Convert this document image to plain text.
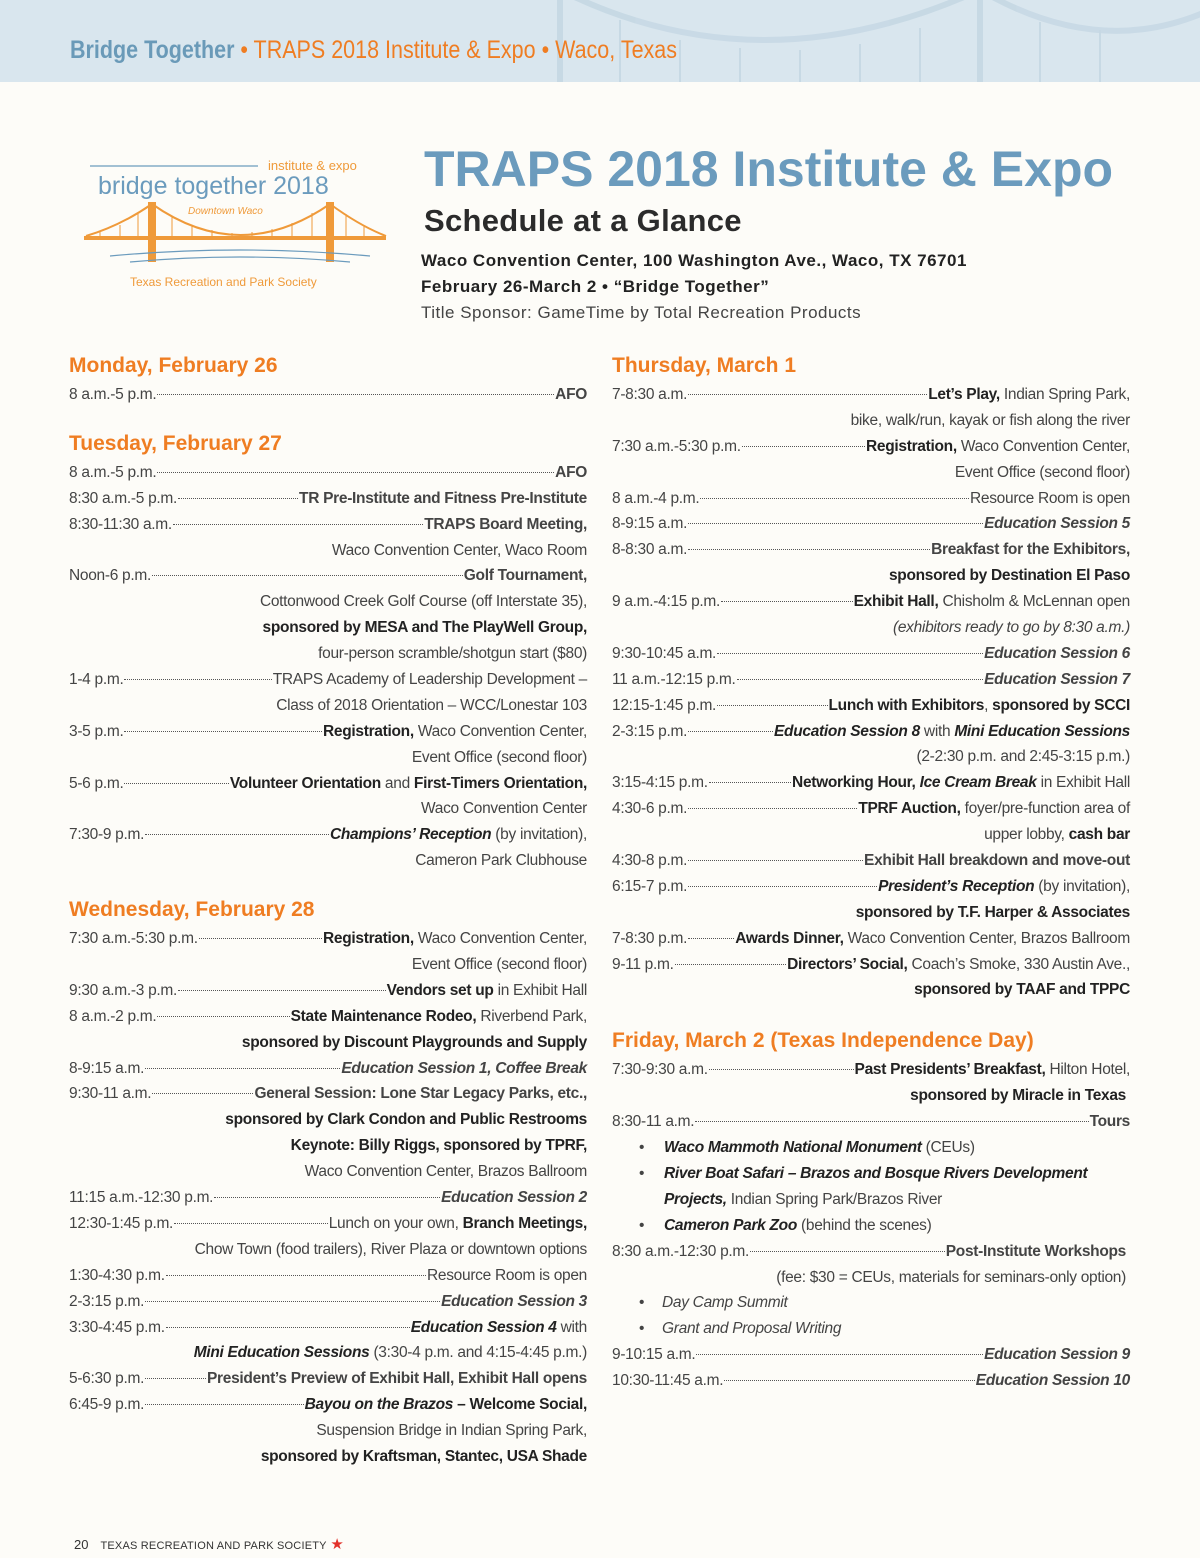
Bridge Together • TRAPS 2018 Institute & Expo • Waco, Texas
institute & expo
bridge together 2018
Downtown Waco
Texas Recreation and Park Society
TRAPS 2018 Institute & Expo
Schedule at a Glance
Waco Convention Center, 100 Washington Ave., Waco, TX 76701
February 26-March 2 • “Bridge Together”
Title Sponsor: GameTime by Total Recreation Products
Monday, February 26
8 a.m.-5 p.m.	AFO
Tuesday, February 27
8 a.m.-5 p.m.	AFO
8:30 a.m.-5 p.m.	TR Pre-Institute and Fitness Pre-Institute
8:30-11:30 a.m.	TRAPS Board Meeting,
Waco Convention Center, Waco Room
Noon-6 p.m.	Golf Tournament,
Cottonwood Creek Golf Course (off Interstate 35),
sponsored by MESA and The PlayWell Group,
four-person scramble/shotgun start ($80)
1-4 p.m.	TRAPS Academy of Leadership Development –
Class of 2018 Orientation – WCC/Lonestar 103
3-5 p.m.	Registration, Waco Convention Center,
Event Office (second floor)
5-6 p.m.	Volunteer Orientation and First-Timers Orientation,
Waco Convention Center
7:30-9 p.m.	Champions’ Reception (by invitation),
Cameron Park Clubhouse
Wednesday, February 28
7:30 a.m.-5:30 p.m.	Registration, Waco Convention Center,
Event Office (second floor)
9:30 a.m.-3 p.m.	Vendors set up in Exhibit Hall
8 a.m.-2 p.m.	State Maintenance Rodeo, Riverbend Park,
sponsored by Discount Playgrounds and Supply
8-9:15 a.m.	Education Session 1, Coffee Break
9:30-11 a.m.	General Session: Lone Star Legacy Parks, etc.,
sponsored by Clark Condon and Public Restrooms
Keynote: Billy Riggs, sponsored by TPRF,
Waco Convention Center, Brazos Ballroom
11:15 a.m.-12:30 p.m.	Education Session 2
12:30-1:45 p.m.	Lunch on your own, Branch Meetings,
Chow Town (food trailers), River Plaza or downtown options
1:30-4:30 p.m.	Resource Room is open
2-3:15 p.m.	Education Session 3
3:30-4:45 p.m.	Education Session 4 with
Mini Education Sessions (3:30-4 p.m. and 4:15-4:45 p.m.)
5-6:30 p.m.	President’s Preview of Exhibit Hall, Exhibit Hall opens
6:45-9 p.m.	Bayou on the Brazos – Welcome Social,
Suspension Bridge in Indian Spring Park,
sponsored by Kraftsman, Stantec, USA Shade
Thursday, March 1
7-8:30 a.m.	Let’s Play, Indian Spring Park,
bike, walk/run, kayak or fish along the river
7:30 a.m.-5:30 p.m.	Registration, Waco Convention Center,
Event Office (second floor)
8 a.m.-4 p.m.	Resource Room is open
8-9:15 a.m.	Education Session 5
8-8:30 a.m.	Breakfast for the Exhibitors,
sponsored by Destination El Paso
9 a.m.-4:15 p.m.	Exhibit Hall, Chisholm & McLennan open
(exhibitors ready to go by 8:30 a.m.)
9:30-10:45 a.m.	Education Session 6
11 a.m.-12:15 p.m.	Education Session 7
12:15-1:45 p.m.	Lunch with Exhibitors, sponsored by SCCI
2-3:15 p.m.	Education Session 8 with Mini Education Sessions
(2-2:30 p.m. and 2:45-3:15 p.m.)
3:15-4:15 p.m.	Networking Hour, Ice Cream Break in Exhibit Hall
4:30-6 p.m.	TPRF Auction, foyer/pre-function area of
upper lobby, cash bar
4:30-8 p.m.	Exhibit Hall breakdown and move-out
6:15-7 p.m.	President’s Reception (by invitation),
sponsored by T.F. Harper & Associates
7-8:30 p.m.	Awards Dinner, Waco Convention Center, Brazos Ballroom
9-11 p.m.	Directors’ Social, Coach’s Smoke, 330 Austin Ave.,
sponsored by TAAF and TPPC
Friday, March 2 (Texas Independence Day)
7:30-9:30 a.m.	Past Presidents’ Breakfast, Hilton Hotel,
sponsored by Miracle in Texas
8:30-11 a.m.	Tours
• Waco Mammoth National Monument (CEUs)
• River Boat Safari – Brazos and Bosque Rivers Development
Projects, Indian Spring Park/Brazos River
• Cameron Park Zoo (behind the scenes)
8:30 a.m.-12:30 p.m.	Post-Institute Workshops
(fee: $30 = CEUs, materials for seminars-only option)
• Day Camp Summit
• Grant and Proposal Writing
9-10:15 a.m.	Education Session 9
10:30-11:45 a.m.	Education Session 10
20 TEXAS RECREATION AND PARK SOCIETY ★
